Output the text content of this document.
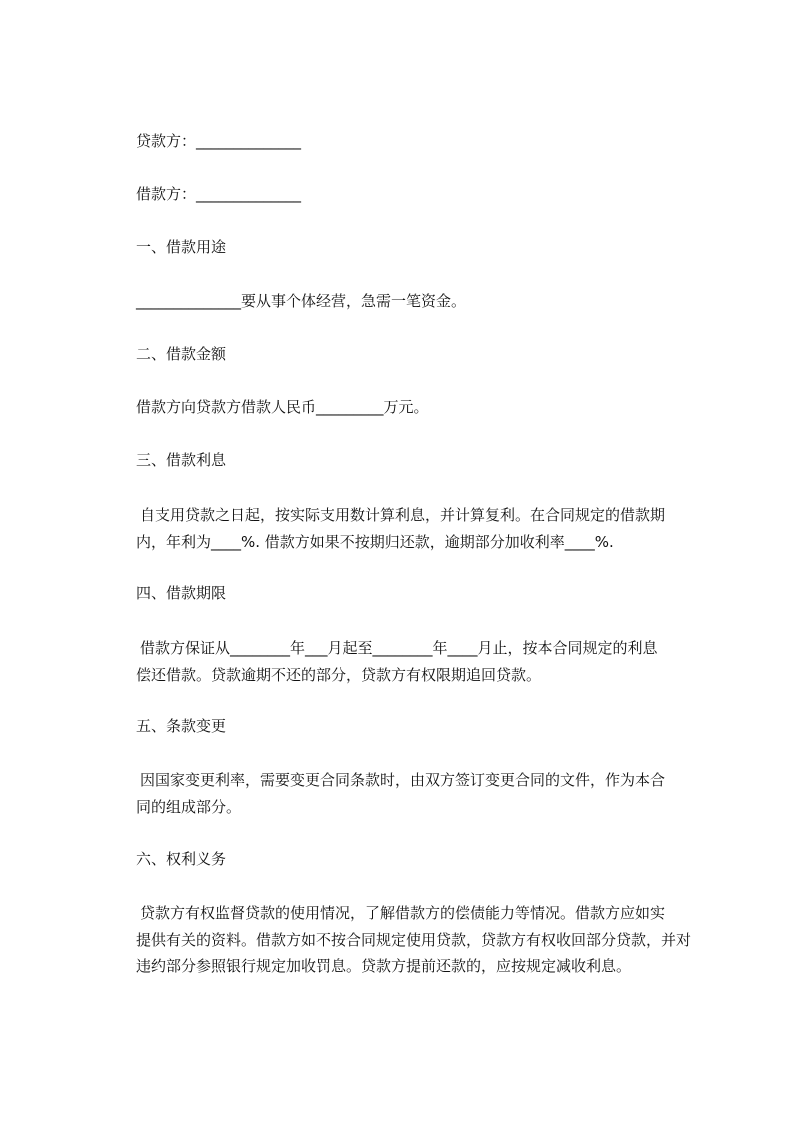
贷款方：______________
借款方：______________
一、借款用途
______________要从事个体经营，急需一笔资金。
二、借款金额
借款方向贷款方借款人民币_________万元。
三、借款利息
自支用贷款之日起，按实际支用数计算利息，并计算复利。在合同规定的借款期
内，年利为____%. 借款方如果不按期归还款，逾期部分加收利率____%.
四、借款期限
借款方保证从________年___月起至________年____月止，按本合同规定的利息
偿还借款。贷款逾期不还的部分，贷款方有权限期追回贷款。
五、条款变更
因国家变更利率，需要变更合同条款时，由双方签订变更合同的文件，作为本合
同的组成部分。
六、权利义务
贷款方有权监督贷款的使用情况，了解借款方的偿债能力等情况。借款方应如实
提供有关的资料。借款方如不按合同规定使用贷款，贷款方有权收回部分贷款，并对
违约部分参照银行规定加收罚息。贷款方提前还款的，应按规定减收利息。
